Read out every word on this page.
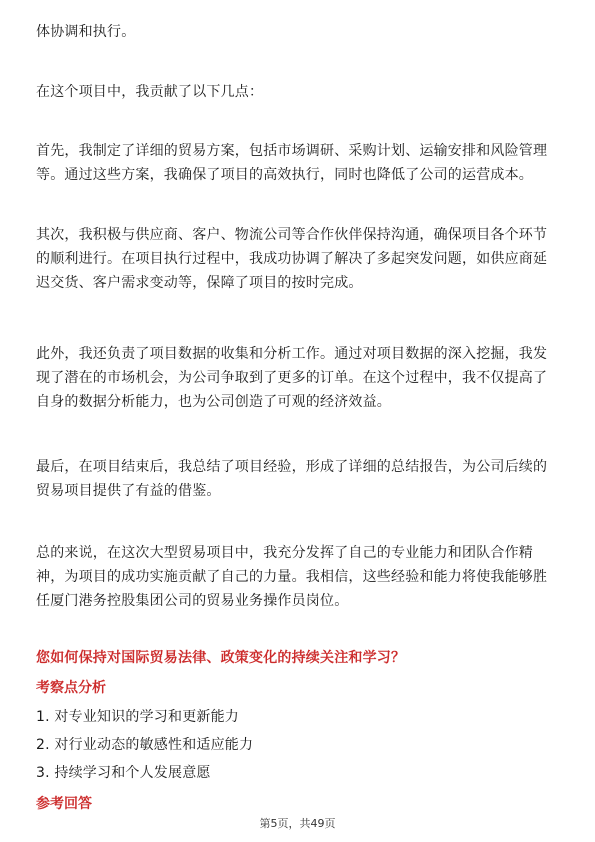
体协调和执行。

在这个项目中，我贡献了以下几点：

首先，我制定了详细的贸易方案，包括市场调研、采购计划、运输安排和风险管理
等。通过这些方案，我确保了项目的高效执行，同时也降低了公司的运营成本。

其次，我积极与供应商、客户、物流公司等合作伙伴保持沟通，确保项目各个环节
的顺利进行。在项目执行过程中，我成功协调了解决了多起突发问题，如供应商延
迟交货、客户需求变动等，保障了项目的按时完成。

此外，我还负责了项目数据的收集和分析工作。通过对项目数据的深入挖掘，我发
现了潜在的市场机会，为公司争取到了更多的订单。在这个过程中，我不仅提高了
自身的数据分析能力，也为公司创造了可观的经济效益。

最后，在项目结束后，我总结了项目经验，形成了详细的总结报告，为公司后续的
贸易项目提供了有益的借鉴。

总的来说，在这次大型贸易项目中，我充分发挥了自己的专业能力和团队合作精
神，为项目的成功实施贡献了自己的力量。我相信，这些经验和能力将使我能够胜
任厦门港务控股集团公司的贸易业务操作员岗位。

您如何保持对国际贸易法律、政策变化的持续关注和学习？
考察点分析

1. 对专业知识的学习和更新能力

2. 对行业动态的敏感性和适应能力

3. 持续学习和个人发展意愿

参考回答
第5页，共49页
